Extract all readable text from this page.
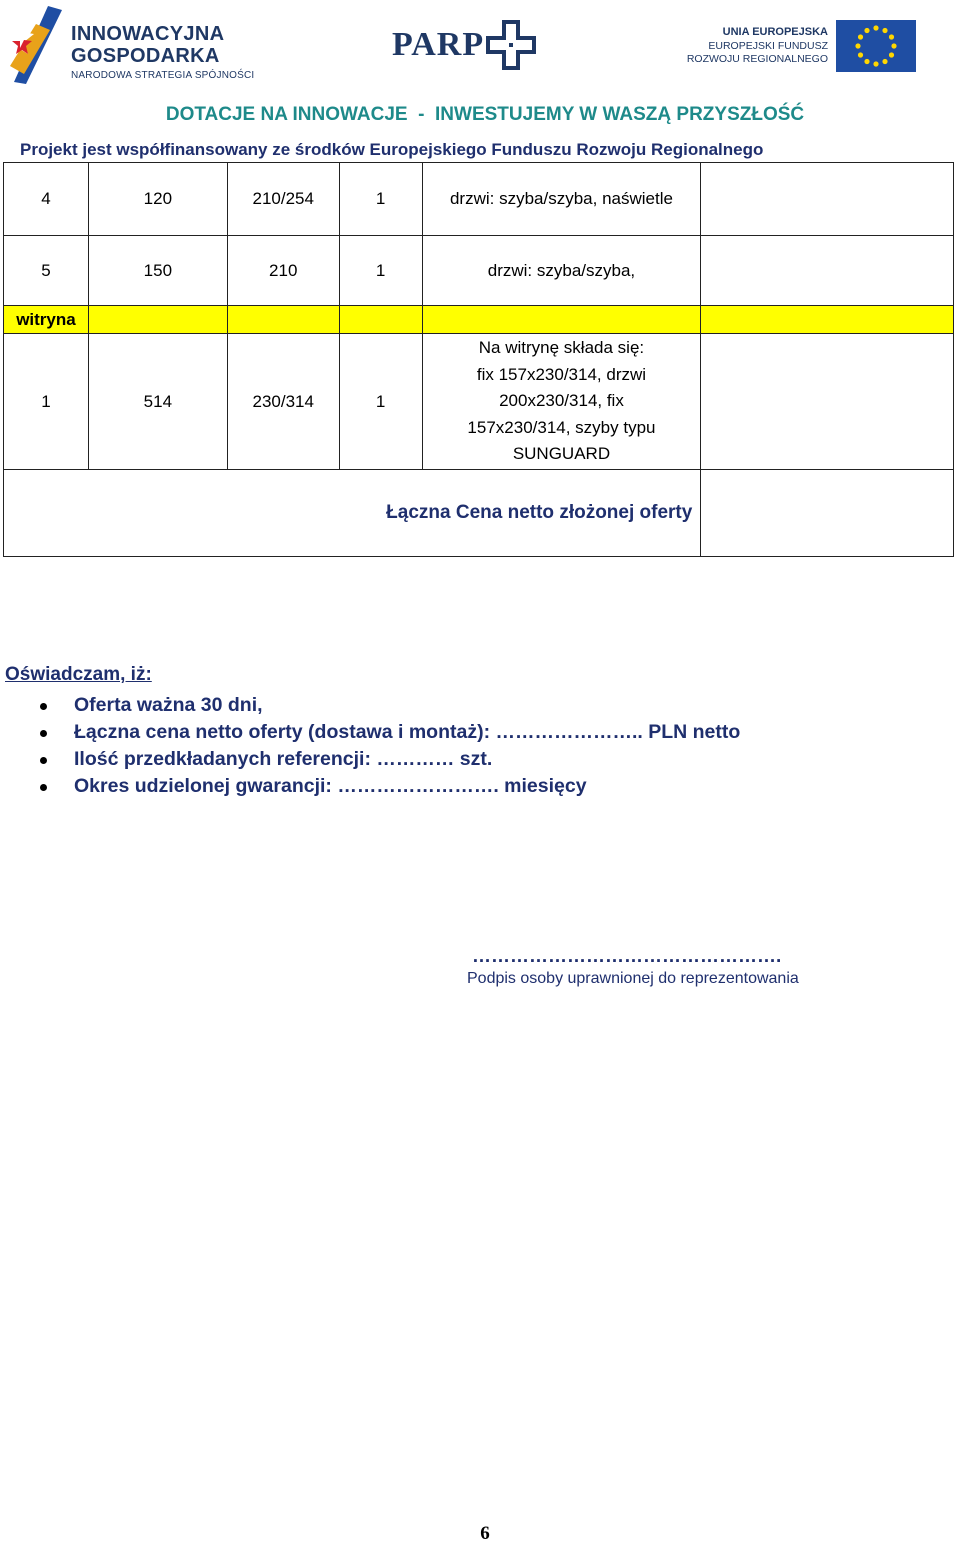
INNOWACYJNA
GOSPODARKA
NARODOWA STRATEGIA SPÓJNOŚCI
PARP	UNIA EUROPEJSKA
EUROPEJSKI FUNDUSZ
ROZWOJU REGIONALNEGO
DOTACJE NA INNOWACJE  -  INWESTUJEMY W WASZĄ PRZYSZŁOŚĆ
Projekt jest współfinansowany ze środków Europejskiego Funduszu Rozwoju Regionalnego
4	120	210/254	1	drzwi: szyba/szyba, naświetle	
5	150	210	1	drzwi: szyba/szyba,	
witryna					
1	514	230/314	1	Na witrynę składa się:
fix 157x230/314, drzwi
200x230/314, fix
157x230/314, szyby typu
SUNGUARD	

Łączna Cena netto złożonej oferty					
Oświadczam, iż:
Oferta ważna 30 dni,
Łączna cena netto oferty (dostawa i montaż): ………………….. PLN netto
Ilość przedkładanych referencji: ………… szt.
Okres udzielonej gwarancji: ……………………. miesięcy
………………………………………….
Podpis osoby uprawnionej do reprezentowania
6
